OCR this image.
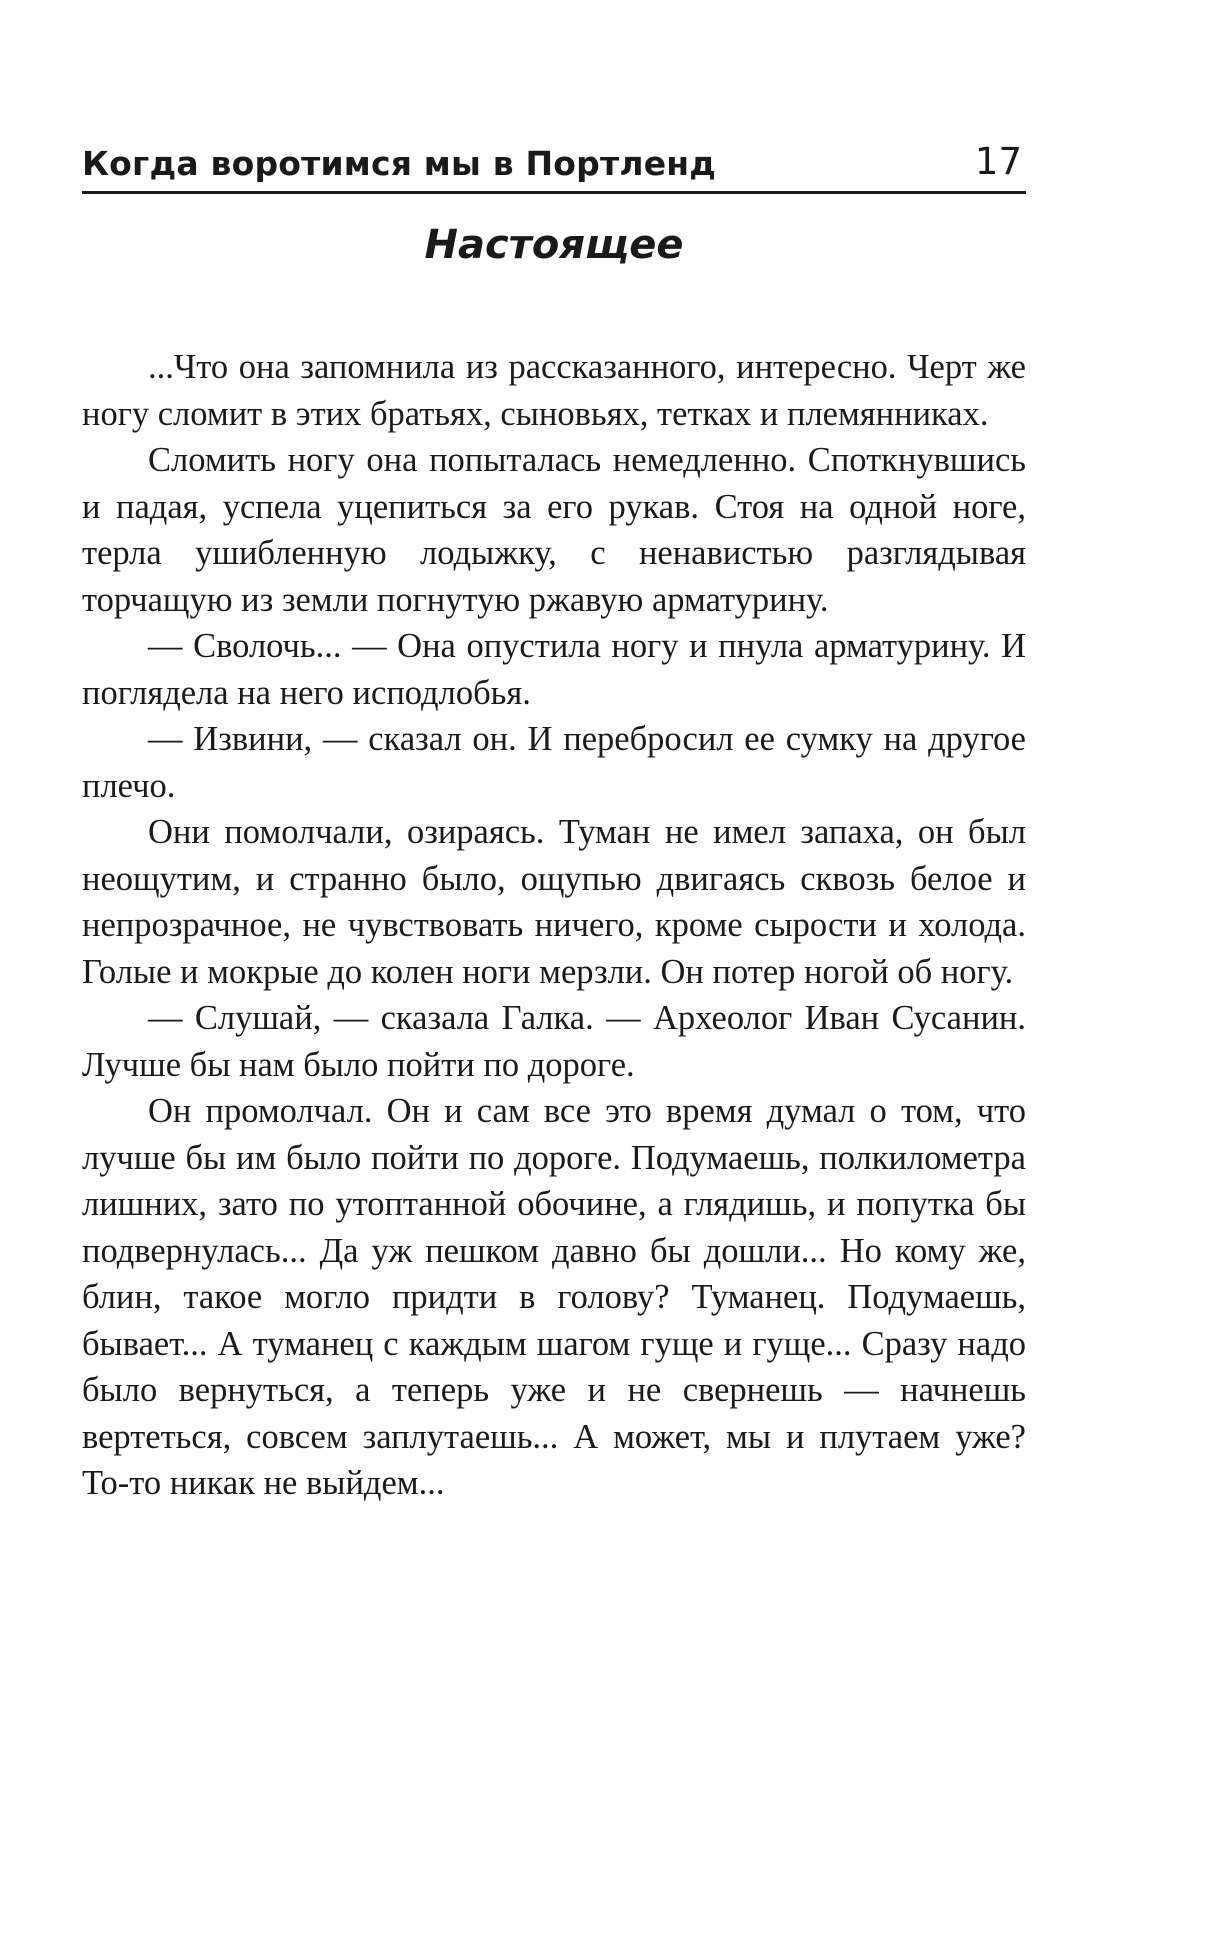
Когда воротимся мы в Портленд	17
Настоящее

...Что она запомнила из рассказанного, интересно. Черт же ногу сломит в этих братьях, сыновьях, тетках и племянниках.

Сломить ногу она попыталась немедленно. Споткнувшись и падая, успела уцепиться за его рукав. Стоя на одной ноге, терла ушибленную лодыжку, с ненавистью разглядывая торчащую из земли погнутую ржавую арматурину.

— Сволочь... — Она опустила ногу и пнула арматурину. И поглядела на него исподлобья.

— Извини, — сказал он. И перебросил ее сумку на другое плечо.

Они помолчали, озираясь. Туман не имел запаха, он был неощутим, и странно было, ощупью двигаясь сквозь белое и непрозрачное, не чувствовать ничего, кроме сырости и холода. Голые и мокрые до колен ноги мерзли. Он потер ногой об ногу.

— Слушай, — сказала Галка. — Археолог Иван Сусанин. Лучше бы нам было пойти по дороге.

Он промолчал. Он и сам все это время думал о том, что лучше бы им было пойти по дороге. Подумаешь, полкилометра лишних, зато по утоптанной обочине, а глядишь, и попутка бы подвернулась... Да уж пешком давно бы дошли... Но кому же, блин, такое могло придти в голову? Туманец. Подумаешь, бывает... А туманец с каждым шагом гуще и гуще... Сразу надо было вернуться, а теперь уже и не свернешь — начнешь вертеться, совсем заплутаешь... А может, мы и плутаем уже? То-то никак не выйдем...
